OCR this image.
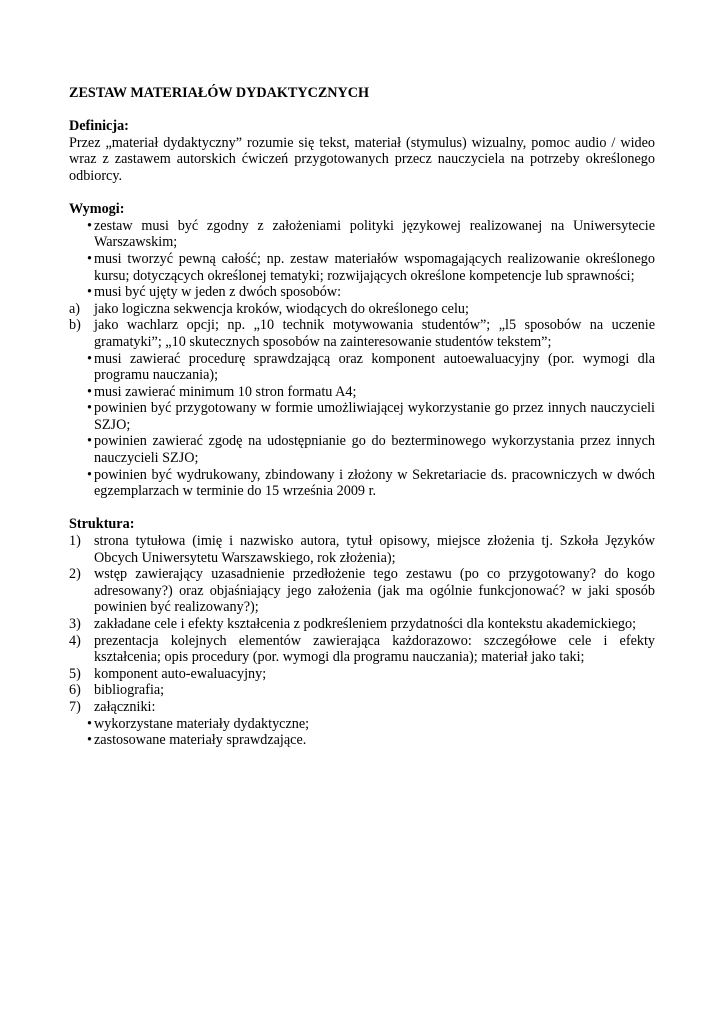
ZESTAW MATERIAŁÓW DYDAKTYCZNYCH

Definicja:

Przez „materiał dydaktyczny” rozumie się tekst, materiał (stymulus) wizualny, pomoc audio / wideo wraz z zastawem autorskich ćwiczeń przygotowanych przecz nauczyciela na potrzeby określonego odbiorcy.

Wymogi:

• zestaw musi być zgodny z założeniami polityki językowej realizowanej na Uniwersytecie Warszawskim;
• musi tworzyć pewną całość; np. zestaw materiałów wspomagających realizowanie określonego kursu; dotyczących określonej tematyki; rozwijających określone kompetencje lub sprawności;
• musi być ujęty w jeden z dwóch sposobów:
a) jako logiczna sekwencja kroków, wiodących do określonego celu;
b) jako wachlarz opcji; np. „10 technik motywowania studentów”; „l5 sposobów na uczenie gramatyki”; „10 skutecznych sposobów na zainteresowanie studentów tekstem”;
• musi zawierać procedurę sprawdzającą oraz komponent autoewaluacyjny (por. wymogi dla programu nauczania);
• musi zawierać minimum 10 stron formatu A4;
• powinien być przygotowany w formie umożliwiającej wykorzystanie go przez innych nauczycieli SZJO;
• powinien zawierać zgodę na udostępnianie go do bezterminowego wykorzystania przez innych nauczycieli SZJO;
• powinien być wydrukowany, zbindowany i złożony w Sekretariacie ds. pracowniczych w dwóch egzemplarzach w terminie do 15 września 2009 r.

Struktura:

1) strona tytułowa (imię i nazwisko autora, tytuł opisowy, miejsce złożenia tj. Szkoła Języków Obcych Uniwersytetu Warszawskiego, rok złożenia);
2) wstęp zawierający uzasadnienie przedłożenie tego zestawu (po co przygotowany? do kogo adresowany?) oraz objaśniający jego założenia (jak ma ogólnie funkcjonować? w jaki sposób powinien być realizowany?);
3) zakładane cele i efekty kształcenia z podkreśleniem przydatności dla kontekstu akademickiego;
4) prezentacja kolejnych elementów zawierająca każdorazowo: szczegółowe cele i efekty kształcenia; opis procedury (por. wymogi dla programu nauczania); materiał jako taki;
5) komponent auto-ewaluacyjny;
6) bibliografia;
7) załączniki:
• wykorzystane materiały dydaktyczne;
• zastosowane materiały sprawdzające.
